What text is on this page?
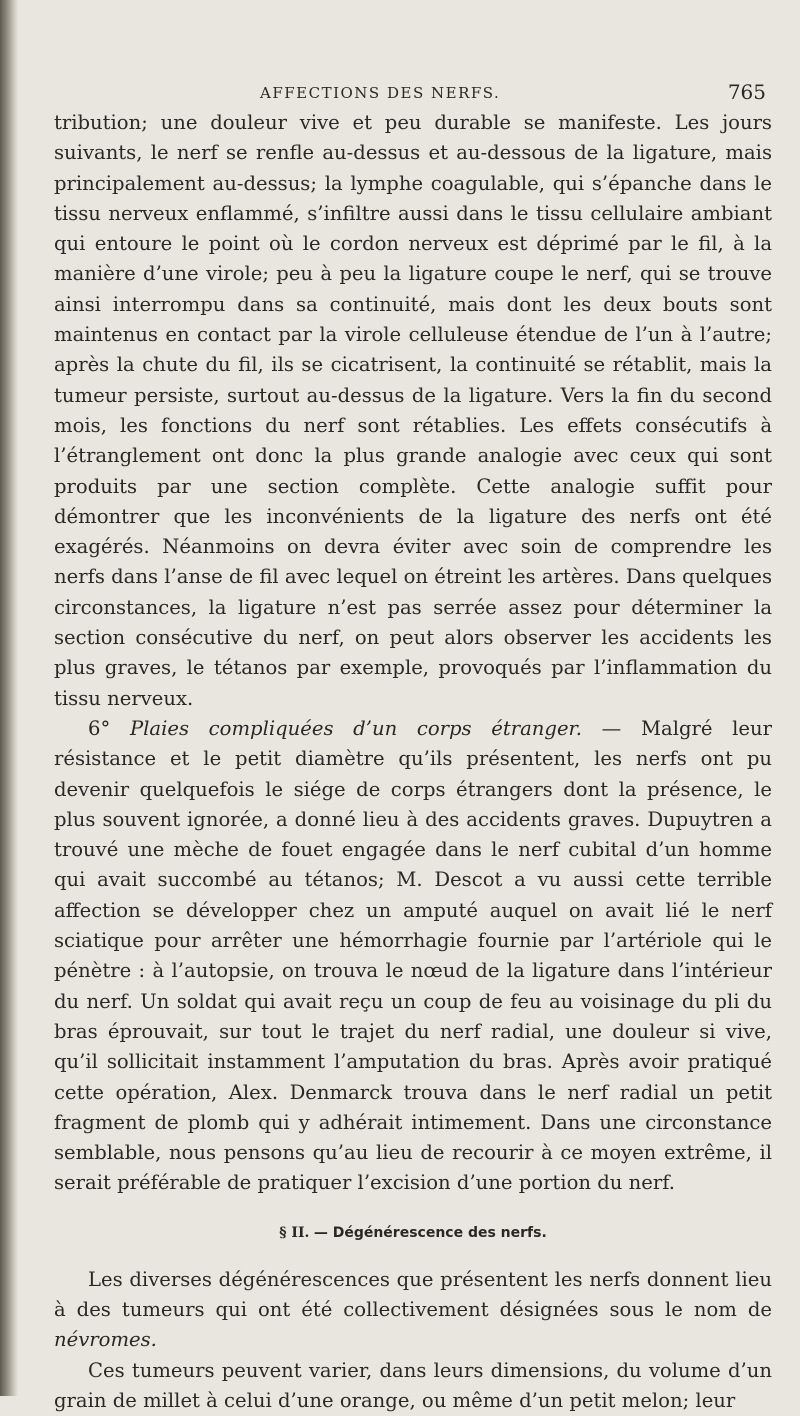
AFFECTIONS DES NERFS.	765

tribution; une douleur vive et peu durable se manifeste. Les jours suivants, le nerf se renfle au-dessus et au-dessous de la ligature, mais principalement au-dessus; la lymphe coagulable, qui s’épanche dans le tissu nerveux enflammé, s’infiltre aussi dans le tissu cellulaire ambiant qui entoure le point où le cordon nerveux est déprimé par le fil, à la manière d’une virole; peu à peu la ligature coupe le nerf, qui se trouve ainsi interrompu dans sa continuité, mais dont les deux bouts sont maintenus en contact par la virole celluleuse étendue de l’un à l’autre; après la chute du fil, ils se cicatrisent, la continuité se rétablit, mais la tumeur persiste, surtout au-dessus de la ligature. Vers la fin du second mois, les fonctions du nerf sont rétablies. Les effets consécutifs à l’étranglement ont donc la plus grande analogie avec ceux qui sont produits par une section complète. Cette analogie suffit pour démontrer que les inconvénients de la ligature des nerfs ont été exagérés. Néanmoins on devra éviter avec soin de comprendre les nerfs dans l’anse de fil avec lequel on étreint les artères. Dans quelques circonstances, la ligature n’est pas serrée assez pour déterminer la section consécutive du nerf, on peut alors observer les accidents les plus graves, le tétanos par exemple, provoqués par l’inflammation du tissu nerveux.

6° Plaies compliquées d’un corps étranger. — Malgré leur résistance et le petit diamètre qu’ils présentent, les nerfs ont pu devenir quelquefois le siége de corps étrangers dont la présence, le plus souvent ignorée, a donné lieu à des accidents graves. Dupuytren a trouvé une mèche de fouet engagée dans le nerf cubital d’un homme qui avait succombé au tétanos; M. Descot a vu aussi cette terrible affection se développer chez un amputé auquel on avait lié le nerf sciatique pour arrêter une hémorrhagie fournie par l’artériole qui le pénètre : à l’autopsie, on trouva le nœud de la ligature dans l’intérieur du nerf. Un soldat qui avait reçu un coup de feu au voisinage du pli du bras éprouvait, sur tout le trajet du nerf radial, une douleur si vive, qu’il sollicitait instamment l’amputation du bras. Après avoir pratiqué cette opération, Alex. Denmarck trouva dans le nerf radial un petit fragment de plomb qui y adhérait intimement. Dans une circonstance semblable, nous pensons qu’au lieu de recourir à ce moyen extrême, il serait préférable de pratiquer l’excision d’une portion du nerf.

§ II. — Dégénérescence des nerfs.

Les diverses dégénérescences que présentent les nerfs donnent lieu à des tumeurs qui ont été collectivement désignées sous le nom de névromes.

Ces tumeurs peuvent varier, dans leurs dimensions, du volume d’un grain de millet à celui d’une orange, ou même d’un petit melon; leur
